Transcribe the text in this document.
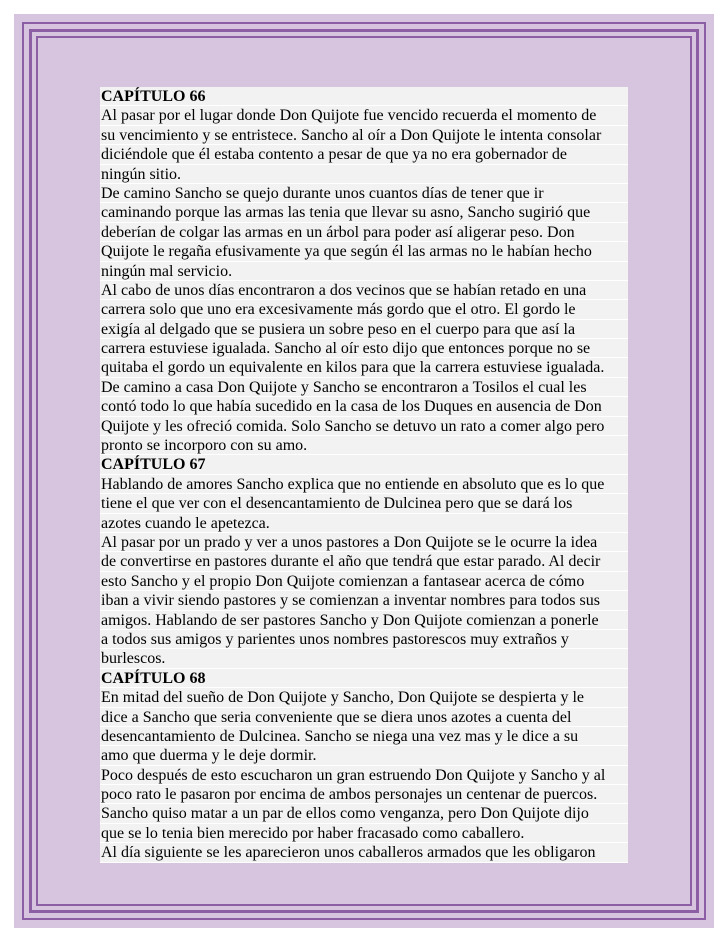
CAPÍTULO 66
Al pasar por el lugar donde Don Quijote fue vencido recuerda el momento de
su vencimiento y se entristece. Sancho al oír a Don Quijote le intenta consolar
diciéndole que él estaba contento a pesar de que ya no era gobernador de
ningún sitio.
De camino Sancho se quejo durante unos cuantos días de tener que ir
caminando porque las armas las tenia que llevar su asno, Sancho sugirió que
deberían de colgar las armas en un árbol para poder así aligerar peso. Don
Quijote le regaña efusivamente ya que según él las armas no le habían hecho
ningún mal servicio.
Al cabo de unos días encontraron a dos vecinos que se habían retado en una
carrera solo que uno era excesivamente más gordo que el otro. El gordo le
exigía al delgado que se pusiera un sobre peso en el cuerpo para que así la
carrera estuviese igualada. Sancho al oír esto dijo que entonces porque no se
quitaba el gordo un equivalente en kilos para que la carrera estuviese igualada.
De camino a casa Don Quijote y Sancho se encontraron a Tosilos el cual les
contó todo lo que había sucedido en la casa de los Duques en ausencia de Don
Quijote y les ofreció comida. Solo Sancho se detuvo un rato a comer algo pero
pronto se incorporo con su amo.
CAPÍTULO 67
Hablando de amores Sancho explica que no entiende en absoluto que es lo que
tiene el que ver con el desencantamiento de Dulcinea pero que se dará los
azotes cuando le apetezca.
Al pasar por un prado y ver a unos pastores a Don Quijote se le ocurre la idea
de convertirse en pastores durante el año que tendrá que estar parado. Al decir
esto Sancho y el propio Don Quijote comienzan a fantasear acerca de cómo
iban a vivir siendo pastores y se comienzan a inventar nombres para todos sus
amigos. Hablando de ser pastores Sancho y Don Quijote comienzan a ponerle
a todos sus amigos y parientes unos nombres pastorescos muy extraños y
burlescos.
CAPÍTULO 68
En mitad del sueño de Don Quijote y Sancho, Don Quijote se despierta y le
dice a Sancho que seria conveniente que se diera unos azotes a cuenta del
desencantamiento de Dulcinea. Sancho se niega una vez mas y le dice a su
amo que duerma y le deje dormir.
Poco después de esto escucharon un gran estruendo Don Quijote y Sancho y al
poco rato le pasaron por encima de ambos personajes un centenar de puercos.
Sancho quiso matar a un par de ellos como venganza, pero Don Quijote dijo
que se lo tenia bien merecido por haber fracasado como caballero.
Al día siguiente se les aparecieron unos caballeros armados que les obligaron
